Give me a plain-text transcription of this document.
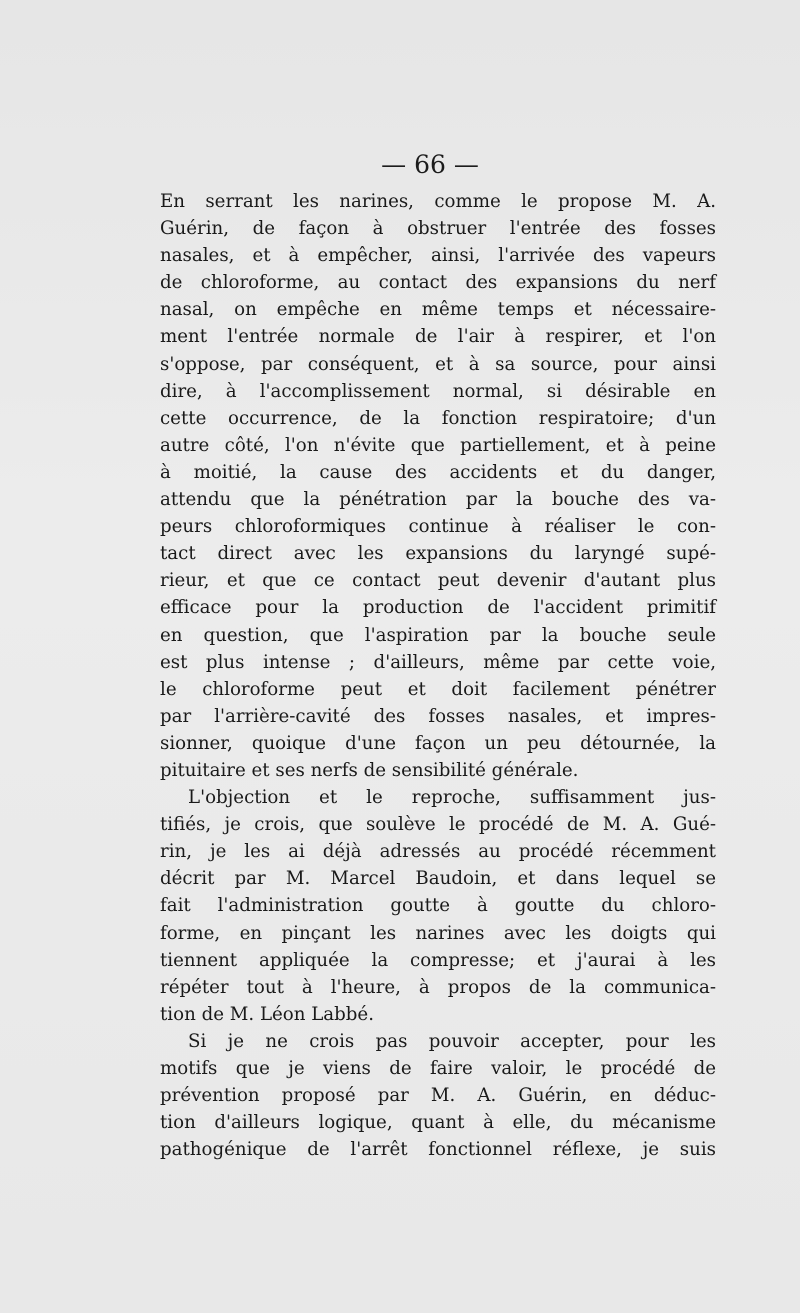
— 66 —

En serrant les narines, comme le propose M. A.
Guérin, de façon à obstruer l'entrée des fosses
nasales, et à empêcher, ainsi, l'arrivée des vapeurs
de chloroforme, au contact des expansions du nerf
nasal, on empêche en même temps et nécessaire-
ment l'entrée normale de l'air à respirer, et l'on
s'oppose, par conséquent, et à sa source, pour ainsi
dire, à l'accomplissement normal, si désirable en
cette occurrence, de la fonction respiratoire; d'un
autre côté, l'on n'évite que partiellement, et à peine
à moitié, la cause des accidents et du danger,
attendu que la pénétration par la bouche des va-
peurs chloroformiques continue à réaliser le con-
tact direct avec les expansions du laryngé supé-
rieur, et que ce contact peut devenir d'autant plus
efficace pour la production de l'accident primitif
en question, que l'aspiration par la bouche seule
est plus intense ; d'ailleurs, même par cette voie,
le chloroforme peut et doit facilement pénétrer
par l'arrière-cavité des fosses nasales, et impres-
sionner, quoique d'une façon un peu détournée, la
pituitaire et ses nerfs de sensibilité générale.

L'objection et le reproche, suffisamment jus-
tifiés, je crois, que soulève le procédé de M. A. Gué-
rin, je les ai déjà adressés au procédé récemment
décrit par M. Marcel Baudoin, et dans lequel se
fait l'administration goutte à goutte du chloro-
forme, en pinçant les narines avec les doigts qui
tiennent appliquée la compresse; et j'aurai à les
répéter tout à l'heure, à propos de la communica-
tion de M. Léon Labbé.

Si je ne crois pas pouvoir accepter, pour les
motifs que je viens de faire valoir, le procédé de
prévention proposé par M. A. Guérin, en déduc-
tion d'ailleurs logique, quant à elle, du mécanisme
pathogénique de l'arrêt fonctionnel réflexe, je suis
